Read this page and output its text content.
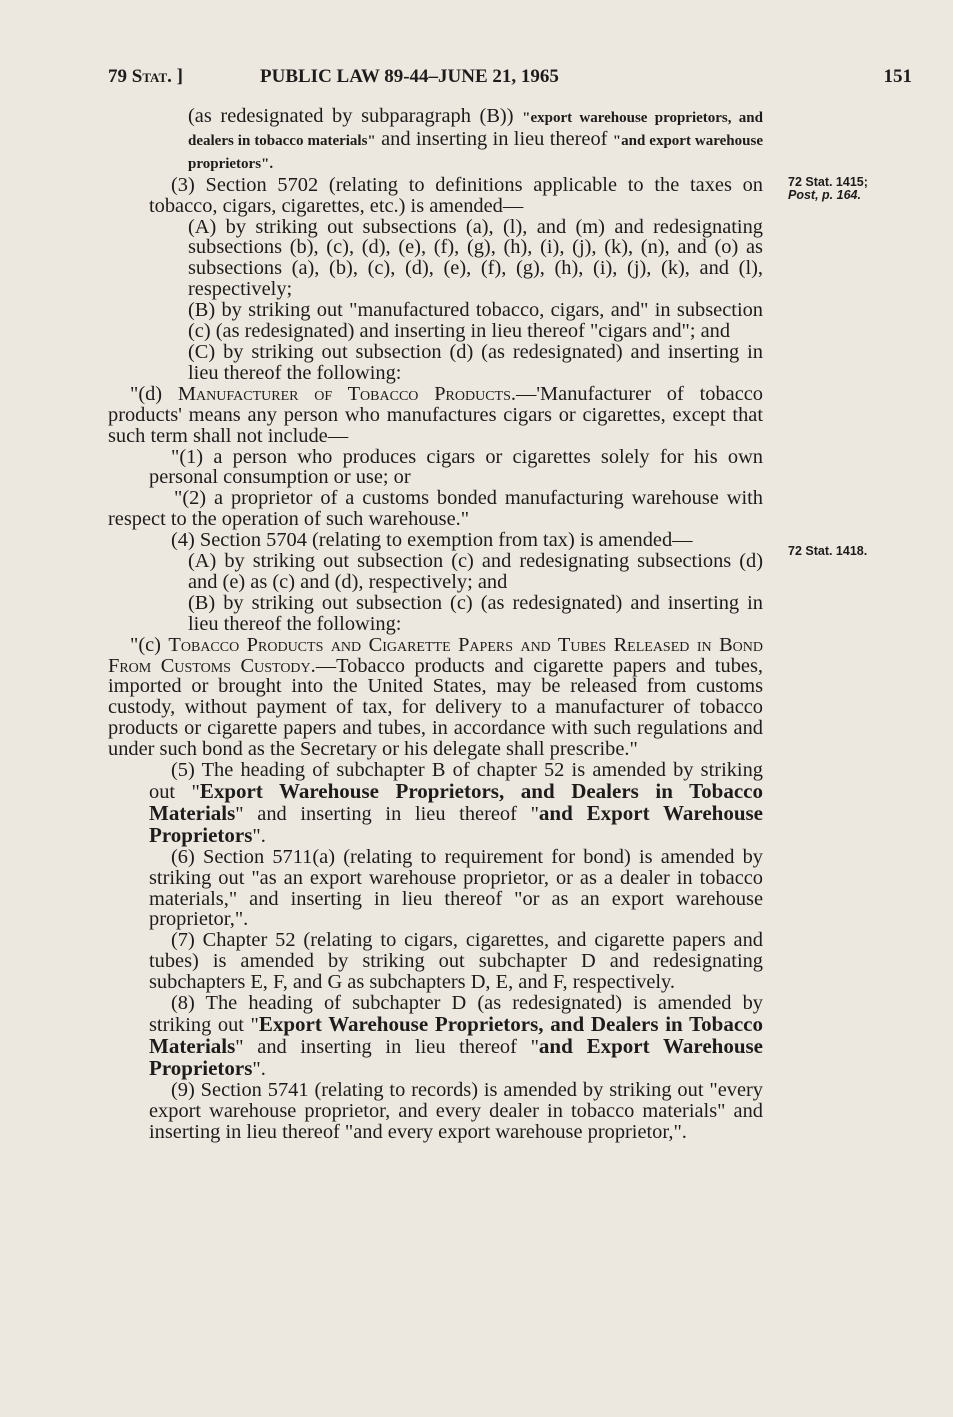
79 Stat. ]	PUBLIC LAW 89-44–JUNE 21, 1965	151
72 Stat. 1415;
Post, p. 164.
72 Stat. 1418.

(as redesignated by subparagraph (B)) "export warehouse proprietors, and dealers in tobacco materials" and inserting in lieu thereof "and export warehouse proprietors".

(3) Section 5702 (relating to definitions applicable to the taxes on tobacco, cigars, cigarettes, etc.) is amended—

(A) by striking out subsections (a), (l), and (m) and redesignating subsections (b), (c), (d), (e), (f), (g), (h), (i), (j), (k), (n), and (o) as subsections (a), (b), (c), (d), (e), (f), (g), (h), (i), (j), (k), and (l), respectively;

(B) by striking out "manufactured tobacco, cigars, and" in subsection (c) (as redesignated) and inserting in lieu thereof "cigars and"; and

(C) by striking out subsection (d) (as redesignated) and inserting in lieu thereof the following:

"(d) Manufacturer of Tobacco Products.—'Manufacturer of tobacco products' means any person who manufactures cigars or cigarettes, except that such term shall not include—

"(1) a person who produces cigars or cigarettes solely for his own personal consumption or use; or

"(2) a proprietor of a customs bonded manufacturing warehouse with respect to the operation of such warehouse."

(4) Section 5704 (relating to exemption from tax) is amended—

(A) by striking out subsection (c) and redesignating subsections (d) and (e) as (c) and (d), respectively; and

(B) by striking out subsection (c) (as redesignated) and inserting in lieu thereof the following:

"(c) Tobacco Products and Cigarette Papers and Tubes Released in Bond From Customs Custody.—Tobacco products and cigarette papers and tubes, imported or brought into the United States, may be released from customs custody, without payment of tax, for delivery to a manufacturer of tobacco products or cigarette papers and tubes, in accordance with such regulations and under such bond as the Secretary or his delegate shall prescribe."

(5) The heading of subchapter B of chapter 52 is amended by striking out "Export Warehouse Proprietors, and Dealers in Tobacco Materials" and inserting in lieu thereof "and Export Warehouse Proprietors".

(6) Section 5711(a) (relating to requirement for bond) is amended by striking out "as an export warehouse proprietor, or as a dealer in tobacco materials," and inserting in lieu thereof "or as an export warehouse proprietor,".

(7) Chapter 52 (relating to cigars, cigarettes, and cigarette papers and tubes) is amended by striking out subchapter D and redesignating subchapters E, F, and G as subchapters D, E, and F, respectively.

(8) The heading of subchapter D (as redesignated) is amended by striking out "Export Warehouse Proprietors, and Dealers in Tobacco Materials" and inserting in lieu thereof "and Export Warehouse Proprietors".

(9) Section 5741 (relating to records) is amended by striking out "every export warehouse proprietor, and every dealer in tobacco materials" and inserting in lieu thereof "and every export warehouse proprietor,".
